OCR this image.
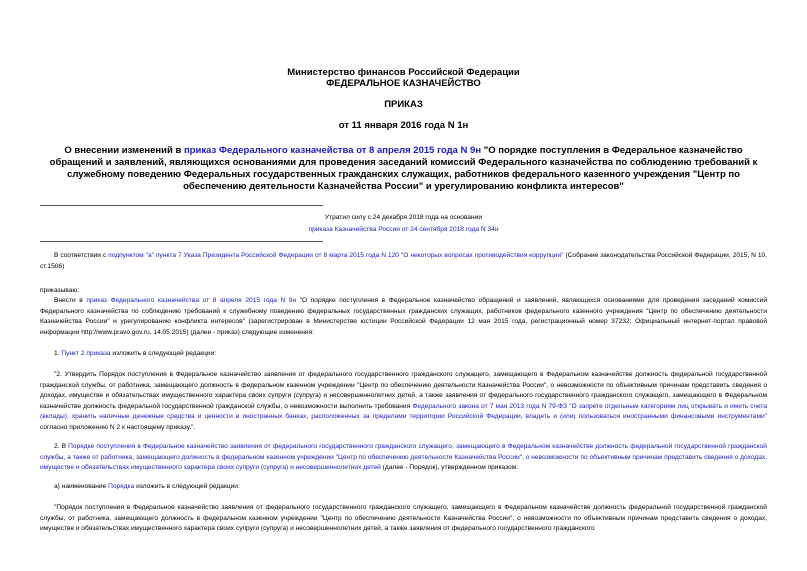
Министерство финансов Российской Федерации
ФЕДЕРАЛЬНОЕ КАЗНАЧЕЙСТВО
ПРИКАЗ
от 11 января 2016 года N 1н
О внесении изменений в приказ Федерального казначейства от 8 апреля 2015 года N 9н "О порядке поступления в Федеральное казначейство обращений и заявлений, являющихся основаниями для проведения заседаний комиссий Федерального казначейства по соблюдению требований к служебному поведению Федеральных государственных гражданских служащих, работников федерального казенного учреждения "Центр по обеспечению деятельности Казначейства России" и урегулированию конфликта интересов"
Утратил силу с 24 декабря 2018 года на основании
приказа Казначейства России от 24 сентября 2018 года N 34н
В соответствии с подпунктом "а" пункта 7 Указа Президента Российской Федерации от 8 марта 2015 года N 120 "О некоторых вопросах противодействия коррупции" (Собрание законодательства Российской Федерации, 2015, N 10, ст.1506)
приказываю:
Внести в приказ Федерального казначейства от 8 апреля 2015 года N 9н "О порядке поступления в Федеральное казначейство обращений и заявлений, являющихся основаниями для проведения заседаний комиссий Федерального казначейства по соблюдению требований к служебному поведению федеральных государственных гражданских служащих, работников федерального казенного учреждения "Центр по обеспечению деятельности Казначейства России" и урегулированию конфликта интересов" (зарегистрирован в Министерстве юстиции Российской Федерации 12 мая 2015 года, регистрационный номер 37232; Официальный интернет-портал правовой информации http://www.pravo.gov.ru, 14.05.2015) (далее - приказ) следующие изменения:
1. Пункт 2 приказа изложить в следующей редакции:
"2. Утвердить Порядок поступления в Федеральное казначейство заявления от федерального государственного гражданского служащего, замещающего в Федеральном казначействе должность федеральной государственной гражданской службы, от работника, замещающего должность в федеральном казенном учреждении "Центр по обеспечению деятельности Казначейства России", о невозможности по объективным причинам представить сведения о доходах, имуществе и обязательствах имущественного характера своих супруги (супруга) и несовершеннолетних детей, а также заявления от федерального государственного гражданского служащего, замещающего в Федеральном казначействе должность федеральной государственной гражданской службы, о невозможности выполнить требования Федерального закона от 7 мая 2013 года N 79-ФЗ "О запрете отдельным категориям лиц открывать и иметь счета (вклады), хранить наличные денежные средства и ценности в иностранных банках, расположенных за пределами территории Российской Федерации, владеть и (или) пользоваться иностранными финансовыми инструментами" согласно приложению N 2 к настоящему приказу.".
2. В Порядке поступления в Федеральное казначейство заявления от федерального государственного гражданского служащего, замещающего в Федеральном казначействе должность федеральной государственной гражданской службы, а также от работника, замещающего должность в федеральном казенном учреждении "Центр по обеспечению деятельности Казначейства России", о невозможности по объективным причинам представить сведения о доходах, имуществе и обязательствах имущественного характера своих супруги (супруга) и несовершеннолетних детей (далее - Порядок), утвержденном приказом:
а) наименование Порядка изложить в следующей редакции:
"Порядок поступления в Федеральное казначейство заявления от федерального государственного гражданского служащего, замещающего в Федеральном казначействе должность федеральной государственной гражданской службы, от работника, замещающего должность в федеральном казенном учреждении "Центр по обеспечению деятельности Казначейства России", о невозможности по объективным причинам представить сведения о доходах, имуществе и обязательствах имущественного характера своих супруги (супруга) и несовершеннолетних детей, а также заявления от федерального государственного гражданского
